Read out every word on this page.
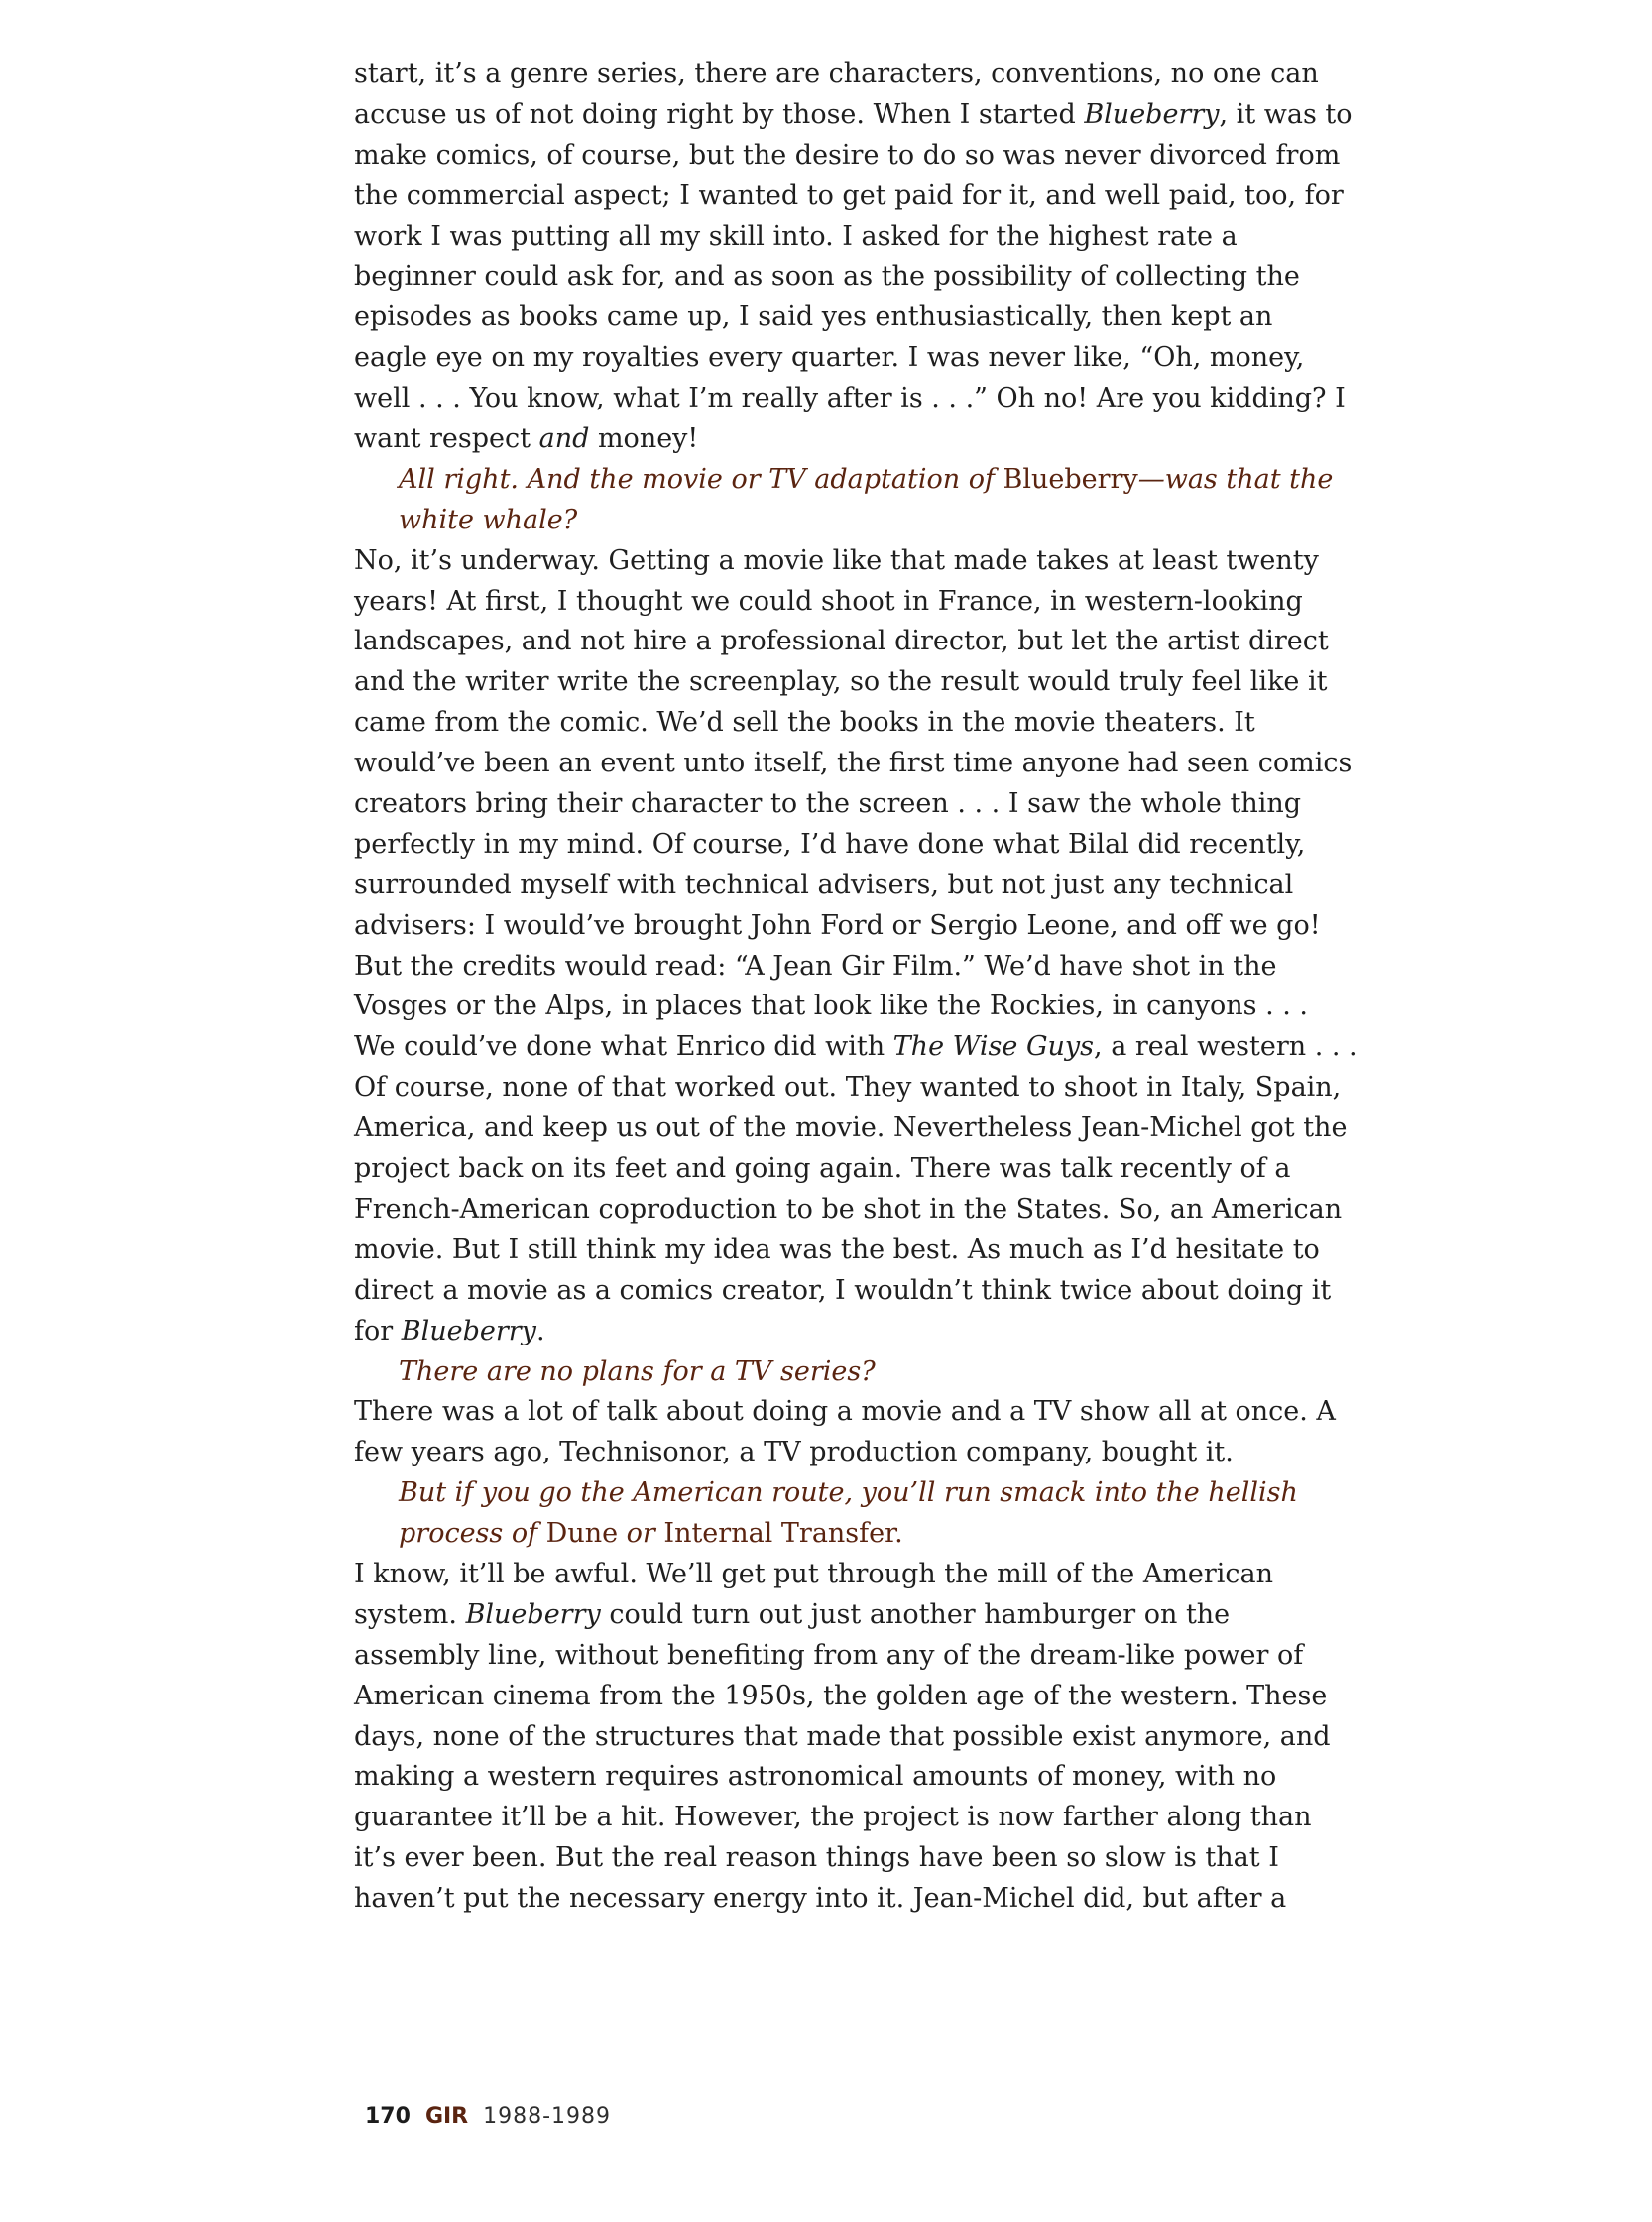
start, it’s a genre series, there are characters, conventions, no one can
accuse us of not doing right by those. When I started Blueberry, it was to
make comics, of course, but the desire to do so was never divorced from
the commercial aspect; I wanted to get paid for it, and well paid, too, for
work I was putting all my skill into. I asked for the highest rate a
beginner could ask for, and as soon as the possibility of collecting the
episodes as books came up, I said yes enthusiastically, then kept an
eagle eye on my royalties every quarter. I was never like, “Oh, money,
well . . . You know, what I’m really after is . . .” Oh no! Are you kidding? I
want respect and money!
All right. And the movie or TV adaptation of Blueberry—was that the
white whale?
No, it’s underway. Getting a movie like that made takes at least twenty
years! At first, I thought we could shoot in France, in western-looking
landscapes, and not hire a professional director, but let the artist direct
and the writer write the screenplay, so the result would truly feel like it
came from the comic. We’d sell the books in the movie theaters. It
would’ve been an event unto itself, the first time anyone had seen comics
creators bring their character to the screen . . . I saw the whole thing
perfectly in my mind. Of course, I’d have done what Bilal did recently,
surrounded myself with technical advisers, but not just any technical
advisers: I would’ve brought John Ford or Sergio Leone, and off we go!
But the credits would read: “A Jean Gir Film.” We’d have shot in the
Vosges or the Alps, in places that look like the Rockies, in canyons . . .
We could’ve done what Enrico did with The Wise Guys, a real western . . .
Of course, none of that worked out. They wanted to shoot in Italy, Spain,
America, and keep us out of the movie. Nevertheless Jean-Michel got the
project back on its feet and going again. There was talk recently of a
French-American coproduction to be shot in the States. So, an American
movie. But I still think my idea was the best. As much as I’d hesitate to
direct a movie as a comics creator, I wouldn’t think twice about doing it
for Blueberry.
There are no plans for a TV series?
There was a lot of talk about doing a movie and a TV show all at once. A
few years ago, Technisonor, a TV production company, bought it.
But if you go the American route, you’ll run smack into the hellish
process of Dune or Internal Transfer.
I know, it’ll be awful. We’ll get put through the mill of the American
system. Blueberry could turn out just another hamburger on the
assembly line, without benefiting from any of the dream-like power of
American cinema from the 1950s, the golden age of the western. These
days, none of the structures that made that possible exist anymore, and
making a western requires astronomical amounts of money, with no
guarantee it’ll be a hit. However, the project is now farther along than
it’s ever been. But the real reason things have been so slow is that I
haven’t put the necessary energy into it. Jean-Michel did, but after a
170 GIR 1988-1989
